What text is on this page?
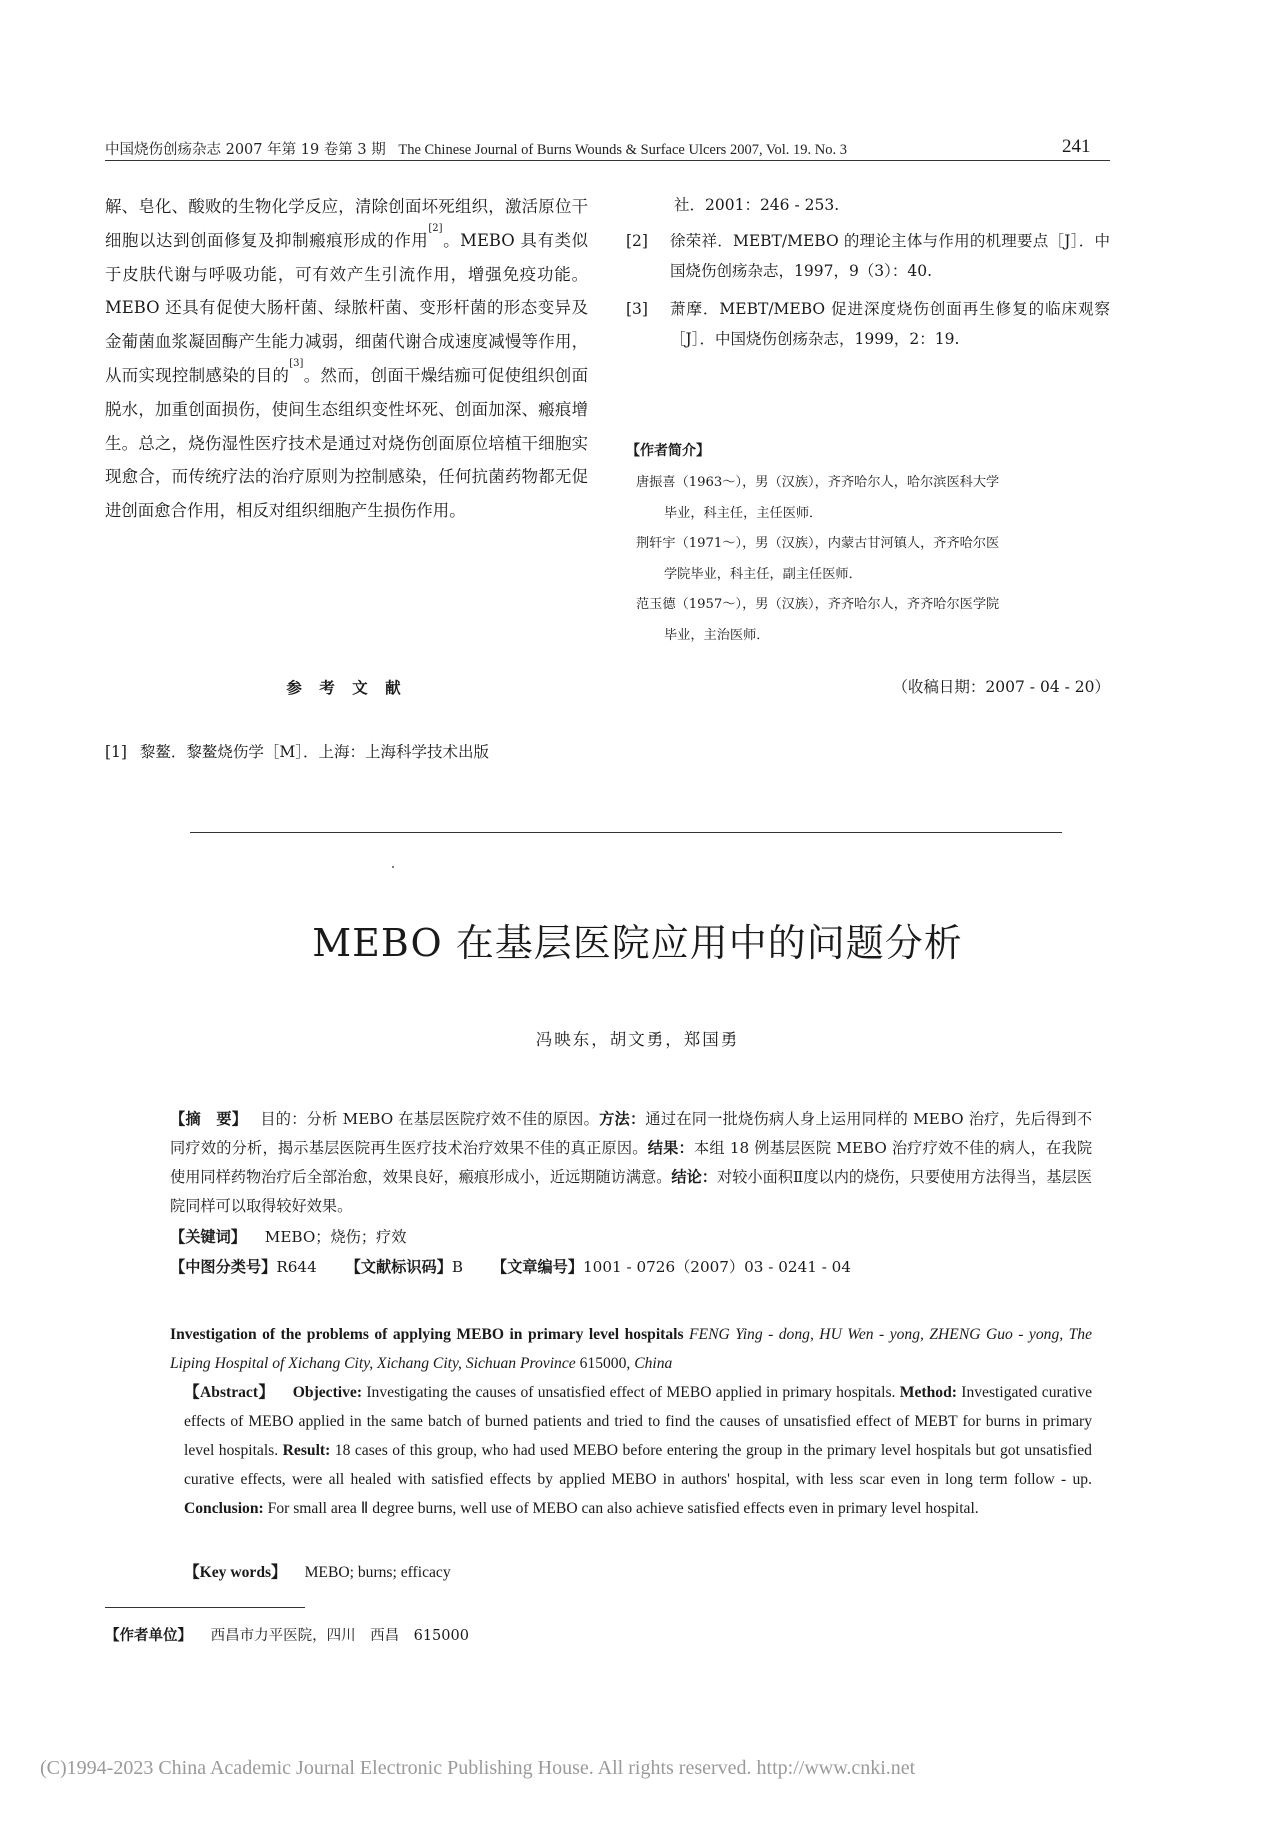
中国烧伤创疡杂志 2007 年第 19 卷第 3 期 The Chinese Journal of Burns Wounds & Surface Ulcers 2007, Vol. 19. No. 3	241

解、皂化、酸败的生物化学反应，清除创面坏死组织，激活原位干细胞以达到创面修复及抑制瘢痕形成的作用[2]。MEBO 具有类似于皮肤代谢与呼吸功能，可有效产生引流作用，增强免疫功能。MEBO 还具有促使大肠杆菌、绿脓杆菌、变形杆菌的形态变异及金葡菌血浆凝固酶产生能力减弱，细菌代谢合成速度减慢等作用，从而实现控制感染的目的[3]。然而，创面干燥结痂可促使组织创面脱水，加重创面损伤，使间生态组织变性坏死、创面加深、瘢痕增生。总之，烧伤湿性医疗技术是通过对烧伤创面原位培植干细胞实现愈合，而传统疗法的治疗原则为控制感染，任何抗菌药物都无促进创面愈合作用，相反对组织细胞产生损伤作用。

参 考 文 献
[1] 黎鳌．黎鳌烧伤学［M］．上海：上海科学技术出版

社．2001：246 - 253.

[2] 徐荣祥．MEBT/MEBO 的理论主体与作用的机理要点［J］．中国烧伤创疡杂志，1997，9（3）：40.

[3] 萧摩．MEBT/MEBO 促进深度烧伤创面再生修复的临床观察［J］．中国烧伤创疡杂志，1999，2：19.

【作者简介】
唐振喜（1963～），男（汉族），齐齐哈尔人，哈尔滨医科大学
毕业，科主任，主任医师．
荆轩宇（1971～），男（汉族），内蒙古甘河镇人，齐齐哈尔医
学院毕业，科主任，副主任医师．
范玉德（1957～），男（汉族），齐齐哈尔人，齐齐哈尔医学院
毕业，主治医师．
（收稿日期：2007 - 04 - 20）
MEBO 在基层医院应用中的问题分析
冯映东，胡文勇，郑国勇
【摘　要】 目的：分析 MEBO 在基层医院疗效不佳的原因。方法：通过在同一批烧伤病人身上运用同样的 MEBO 治疗，先后得到不同疗效的分析，揭示基层医院再生医疗技术治疗效果不佳的真正原因。结果：本组 18 例基层医院 MEBO 治疗疗效不佳的病人，在我院使用同样药物治疗后全部治愈，效果良好，瘢痕形成小，近远期随访满意。结论：对较小面积Ⅱ度以内的烧伤，只要使用方法得当，基层医院同样可以取得较好效果。
【关键词】 MEBO；烧伤；疗效
【中图分类号】R644 【文献标识码】B 【文章编号】1001 - 0726（2007）03 - 0241 - 04

Investigation of the problems of applying MEBO in primary level hospitals FENG Ying - dong, HU Wen - yong, ZHENG Guo - yong, The Liping Hospital of Xichang City, Xichang City, Sichuan Province 615000, China

【Abstract】 Objective: Investigating the causes of unsatisfied effect of MEBO applied in primary hospitals. Method: Investigated curative effects of MEBO applied in the same batch of burned patients and tried to find the causes of unsatisfied effect of MEBT for burns in primary level hospitals. Result: 18 cases of this group, who had used MEBO before entering the group in the primary level hospitals but got unsatisfied curative effects, were all healed with satisfied effects by applied MEBO in authors' hospital, with less scar even in long term follow - up. Conclusion: For small area Ⅱ degree burns, well use of MEBO can also achieve satisfied effects even in primary level hospital.

【Key words】 MEBO; burns; efficacy
【作者单位】 西昌市力平医院，四川　西昌　615000
(C)1994-2023 China Academic Journal Electronic Publishing House. All rights reserved. http://www.cnki.net
